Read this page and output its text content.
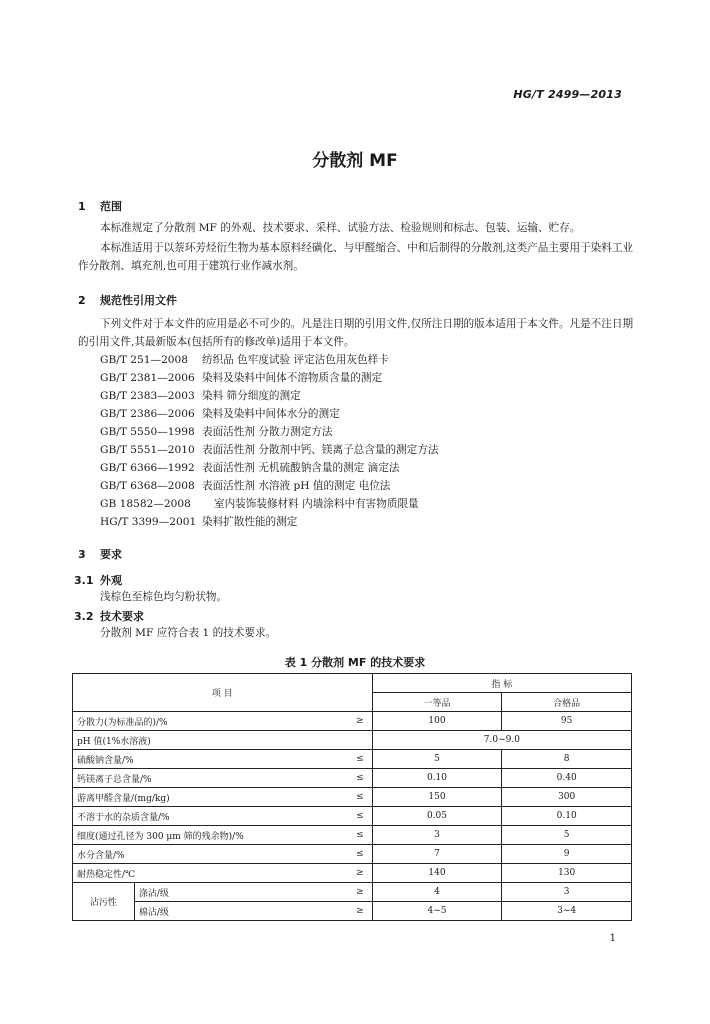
HG/T 2499—2013
分散剂 MF
1 范围
本标准规定了分散剂 MF 的外观、技术要求、采样、试验方法、检验规则和标志、包装、运输、贮存。
本标准适用于以萘环芳烃衍生物为基本原料经磺化、与甲醛缩合、中和后制得的分散剂,这类产品主要用于染料工业作分散剂、填充剂,也可用于建筑行业作减水剂。
2 规范性引用文件
下列文件对于本文件的应用是必不可少的。凡是注日期的引用文件,仅所注日期的版本适用于本文件。凡是不注日期的引用文件,其最新版本(包括所有的修改单)适用于本文件。
GB/T 251—2008 纺织品 色牢度试验 评定沾色用灰色样卡
GB/T 2381—2006 染料及染料中间体不溶物质含量的测定
GB/T 2383—2003 染料 筛分细度的测定
GB/T 2386—2006 染料及染料中间体水分的测定
GB/T 5550—1998 表面活性剂 分散力测定方法
GB/T 5551—2010 表面活性剂 分散剂中钙、镁离子总含量的测定方法
GB/T 6366—1992 表面活性剂 无机硫酸钠含量的测定 滴定法
GB/T 6368—2008 表面活性剂 水溶液 pH 值的测定 电位法
GB 18582—2008 室内装饰装修材料 内墙涂料中有害物质限量
HG/T 3399—2001 染料扩散性能的测定
3 要求
3.1 外观
浅棕色至棕色均匀粉状物。
3.2 技术要求
分散剂 MF 应符合表 1 的技术要求。
表 1 分散剂 MF 的技术要求
项 目			指 标	
			一等品	合格品
分散力(为标准品的)/%		≥	100	95
pH 值(1%水溶液)			7.0~9.0	
硫酸钠含量/%		≤	5	8
钙镁离子总含量/%		≤	0.10	0.40
游离甲醛含量/(mg/kg)		≤	150	300
不溶于水的杂质含量/%		≤	0.05	0.10
细度(通过孔径为 300 μm 筛的残余物)/%		≤	3	5
水分含量/%		≤	7	9
耐热稳定性/℃		≥	140	130
沾污性	涤沾/级	≥	4	3
	棉沾/级	≥	4~5	3~4
1
